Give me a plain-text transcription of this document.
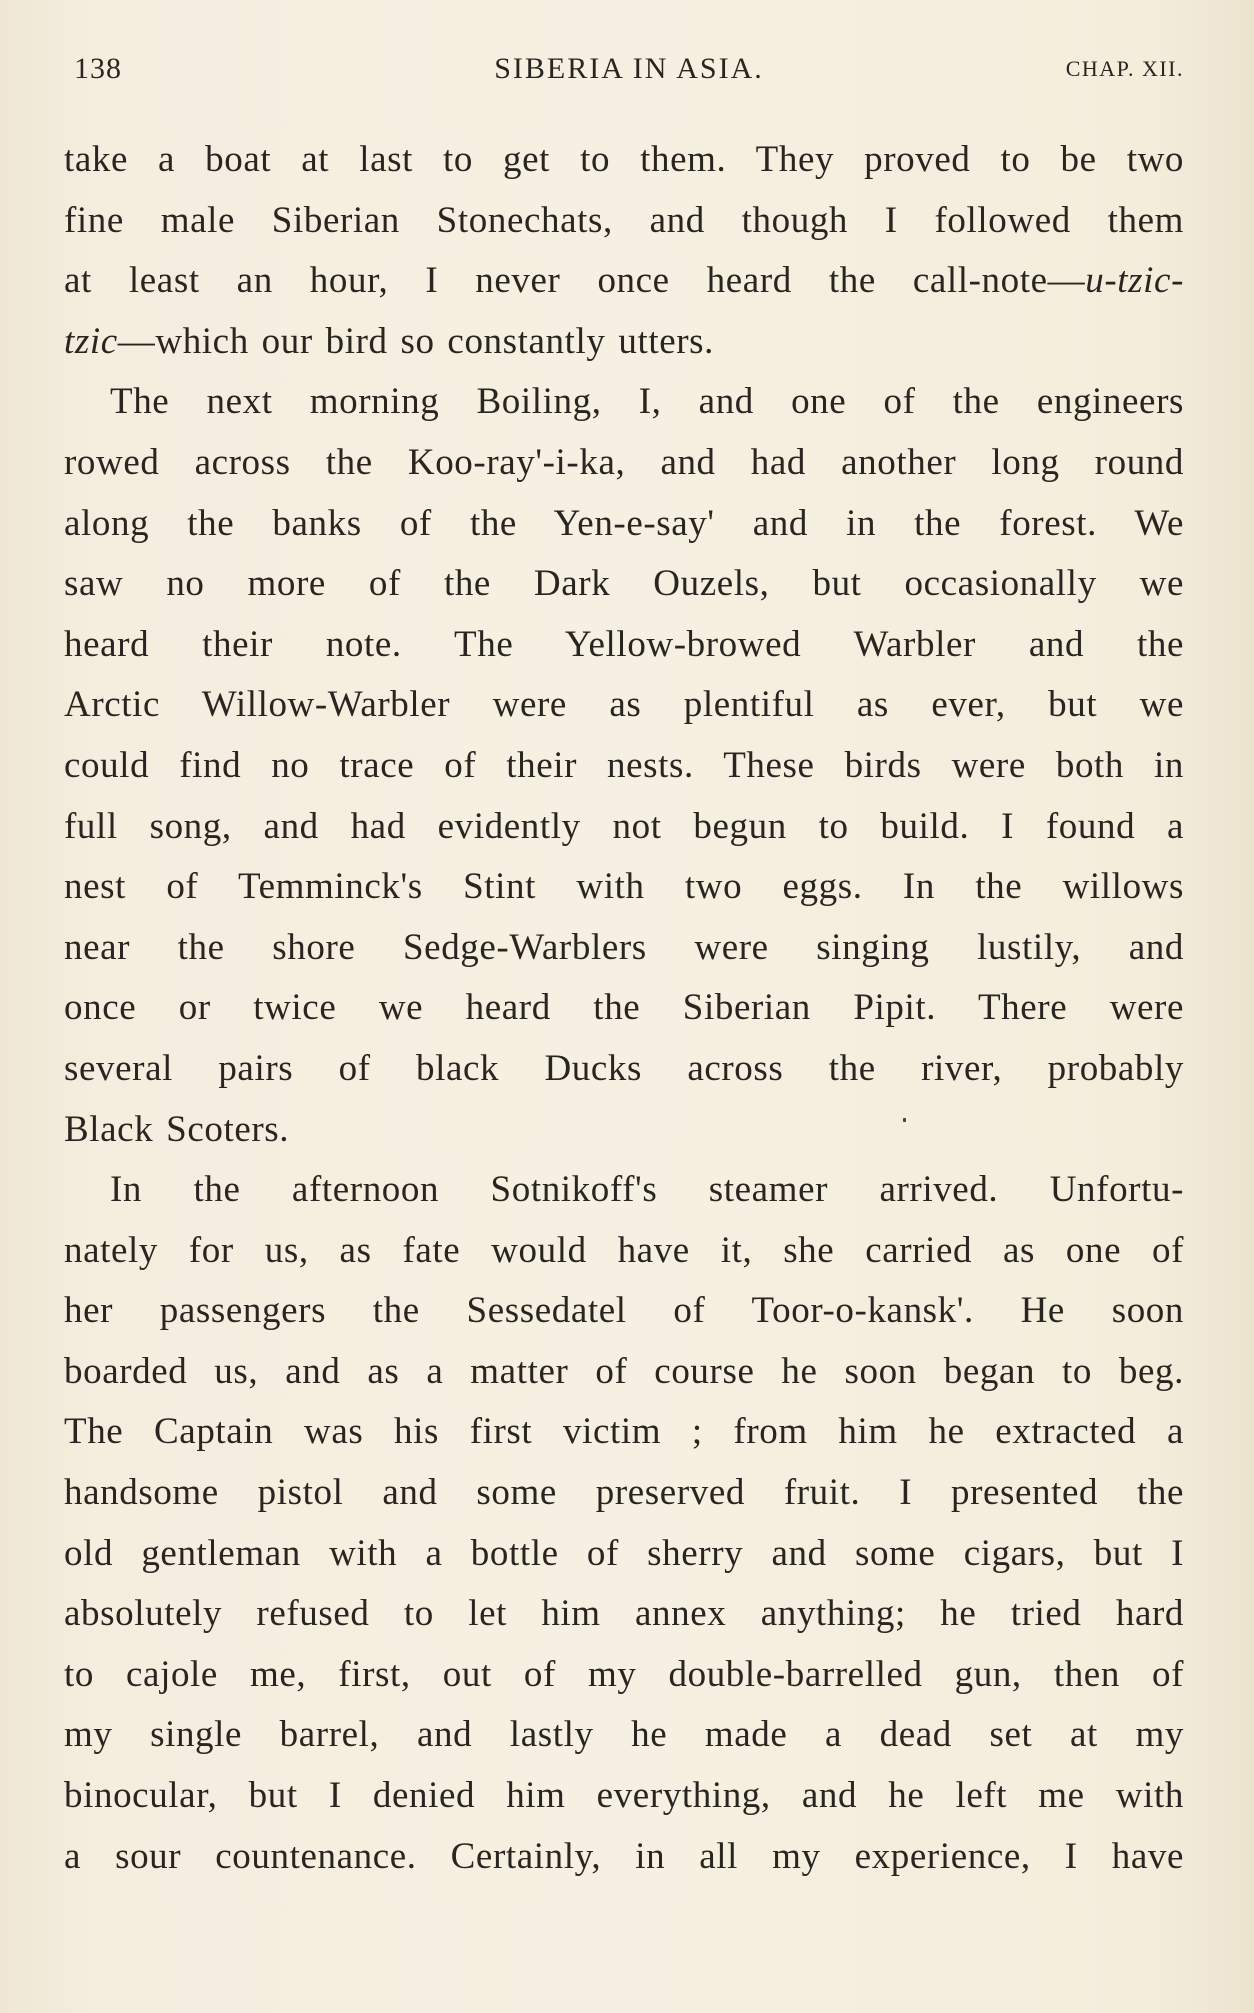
138	SIBERIA IN ASIA.	CHAP. XII.
take a boat at last to get to them. They proved to be two
fine male Siberian Stonechats, and though I followed them
at least an hour, I never once heard the call-note—u-tzic-
tzic—which our bird so constantly utters.
The next morning Boiling, I, and one of the engineers
rowed across the Koo-ray'-i-ka, and had another long round
along the banks of the Yen-e-say' and in the forest. We
saw no more of the Dark Ouzels, but occasionally we
heard their note. The Yellow-browed Warbler and the
Arctic Willow-Warbler were as plentiful as ever, but we
could find no trace of their nests. These birds were both in
full song, and had evidently not begun to build. I found a
nest of Temminck's Stint with two eggs. In the willows
near the shore Sedge-Warblers were singing lustily, and
once or twice we heard the Siberian Pipit. There were
several pairs of black Ducks across the river, probably
Black Scoters.
In the afternoon Sotnikoff's steamer arrived. Unfortu-
nately for us, as fate would have it, she carried as one of
her passengers the Sessedatel of Toor-o-kansk'. He soon
boarded us, and as a matter of course he soon began to beg.
The Captain was his first victim ; from him he extracted a
handsome pistol and some preserved fruit. I presented the
old gentleman with a bottle of sherry and some cigars, but I
absolutely refused to let him annex anything; he tried hard
to cajole me, first, out of my double-barrelled gun, then of
my single barrel, and lastly he made a dead set at my
binocular, but I denied him everything, and he left me with
a sour countenance. Certainly, in all my experience, I have
